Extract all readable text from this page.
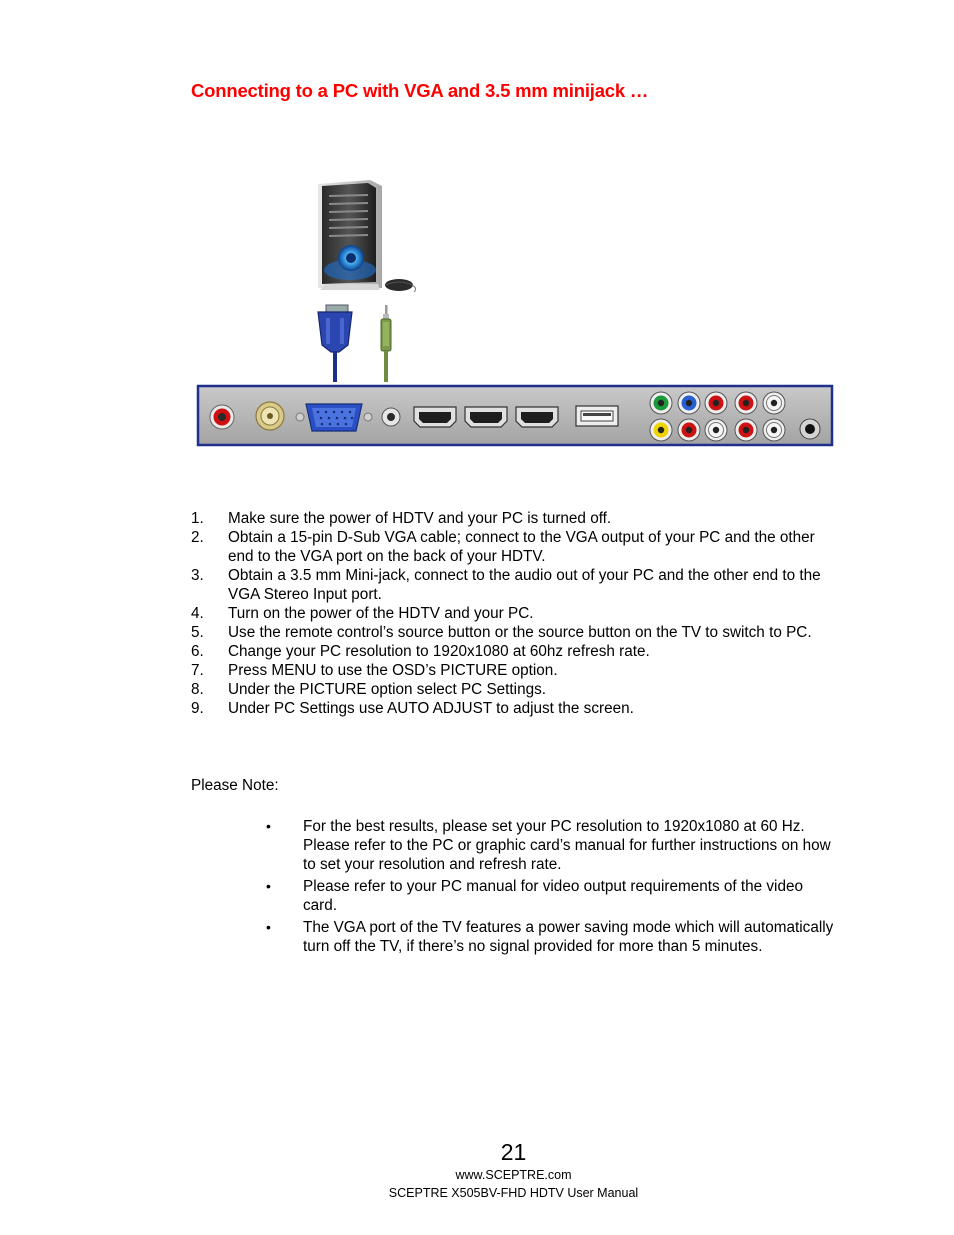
Connecting to a PC with VGA and 3.5 mm minijack …
1. Make sure the power of HDTV and your PC is turned off.
2. Obtain a 15-pin D-Sub VGA cable; connect to the VGA output of your PC and the other end to the VGA port on the back of your HDTV.
3. Obtain a 3.5 mm Mini-jack, connect to the audio out of your PC and the other end to the VGA Stereo Input port.
4. Turn on the power of the HDTV and your PC.
5. Use the remote control’s source button or the source button on the TV to switch to PC.
6. Change your PC resolution to 1920x1080 at 60hz refresh rate.
7. Press MENU to use the OSD’s PICTURE option.
8. Under the PICTURE option select PC Settings.
9. Under PC Settings use AUTO ADJUST to adjust the screen.
Please Note:
• For the best results, please set your PC resolution to 1920x1080 at 60 Hz. Please refer to the PC or graphic card’s manual for further instructions on how to set your resolution and refresh rate.
• Please refer to your PC manual for video output requirements of the video card.
• The VGA port of the TV features a power saving mode which will automatically turn off the TV, if there’s no signal provided for more than 5 minutes.
21
www.SCEPTRE.com
SCEPTRE X505BV-FHD HDTV User Manual
